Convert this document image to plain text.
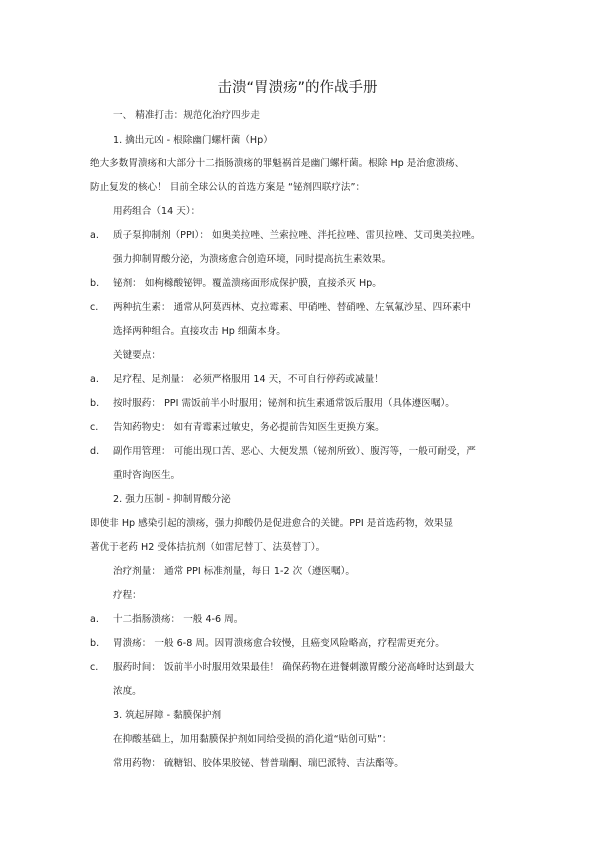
击溃“胃溃疡”的作战手册
一、 精准打击：规范化治疗四步走
1. 擒出元凶 - 根除幽门螺杆菌（Hp）
绝大多数胃溃疡和大部分十二指肠溃疡的罪魁祸首是幽门螺杆菌。根除 Hp 是治愈溃疡、
防止复发的核心！ 目前全球公认的首选方案是 “铋剂四联疗法”：
用药组合（14 天）：
a. 质子泵抑制剂（PPI）： 如奥美拉唑、兰索拉唑、泮托拉唑、雷贝拉唑、艾司奥美拉唑。
强力抑制胃酸分泌，为溃疡愈合创造环境，同时提高抗生素效果。
b. 铋剂： 如枸橼酸铋钾。覆盖溃疡面形成保护膜，直接杀灭 Hp。
c. 两种抗生素： 通常从阿莫西林、克拉霉素、甲硝唑、替硝唑、左氧氟沙星、四环素中
选择两种组合。直接攻击 Hp 细菌本身。
关键要点：
a. 足疗程、足剂量： 必须严格服用 14 天，不可自行停药或减量！
b. 按时服药： PPI 需饭前半小时服用；铋剂和抗生素通常饭后服用（具体遵医嘱）。
c. 告知药物史： 如有青霉素过敏史，务必提前告知医生更换方案。
d. 副作用管理： 可能出现口苦、恶心、大便发黑（铋剂所致）、腹泻等，一般可耐受，严
重时咨询医生。
2. 强力压制 - 抑制胃酸分泌
即使非 Hp 感染引起的溃疡，强力抑酸仍是促进愈合的关键。PPI 是首选药物，效果显
著优于老药 H2 受体拮抗剂（如雷尼替丁、法莫替丁）。
治疗剂量： 通常 PPI 标准剂量，每日 1-2 次（遵医嘱）。
疗程：
a. 十二指肠溃疡： 一般 4-6 周。
b. 胃溃疡： 一般 6-8 周。因胃溃疡愈合较慢，且癌变风险略高，疗程需更充分。
c. 服药时间： 饭前半小时服用效果最佳！ 确保药物在进餐刺激胃酸分泌高峰时达到最大
浓度。
3. 筑起屏障 - 黏膜保护剂
在抑酸基础上，加用黏膜保护剂如同给受损的消化道“贴创可贴”：
常用药物： 硫糖铝、胶体果胶铋、替普瑞酮、瑞巴派特、吉法酯等。
